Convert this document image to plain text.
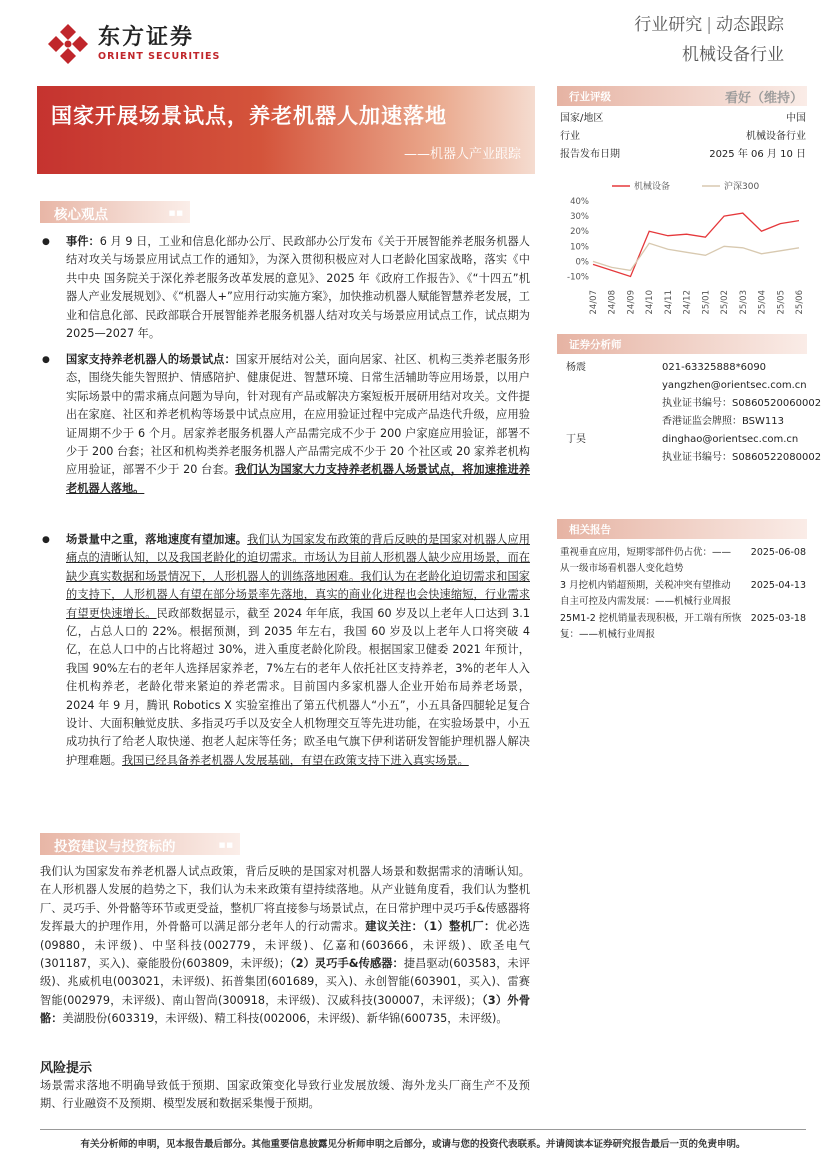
东方证券
ORIENT SECURITIES
行业研究 | 动态跟踪
机械设备行业
国家开展场景试点，养老机器人加速落地
——机器人产业跟踪
核心观点	■■
● 事件：6 月 9 日，工业和信息化部办公厅、民政部办公厅发布《关于开展智能养老服务机器人结对攻关与场景应用试点工作的通知》，为深入贯彻积极应对人口老龄化国家战略，落实《中共中央 国务院关于深化养老服务改革发展的意见》、2025 年《政府工作报告》、《“十四五”机器人产业发展规划》、《“机器人+”应用行动实施方案》，加快推动机器人赋能智慧养老发展，工业和信息化部、民政部联合开展智能养老服务机器人结对攻关与场景应用试点工作，试点期为 2025—2027 年。
● 国家支持养老机器人的场景试点：国家开展结对公关，面向居家、社区、机构三类养老服务形态，围绕失能失智照护、情感陪护、健康促进、智慧环境、日常生活辅助等应用场景，以用户实际场景中的需求痛点问题为导向，针对现有产品或解决方案短板开展研用结对攻关。文件提出在家庭、社区和养老机构等场景中试点应用，在应用验证过程中完成产品迭代升级，应用验证周期不少于 6 个月。居家养老服务机器人产品需完成不少于 200 户家庭应用验证，部署不少于 200 台套；社区和机构类养老服务机器人产品需完成不少于 20 个社区或 20 家养老机构应用验证，部署不少于 20 台套。我们认为国家大力支持养老机器人场景试点，将加速推进养老机器人落地。
● 场景量中之重，落地速度有望加速。我们认为国家发布政策的背后反映的是国家对机器人应用痛点的清晰认知，以及我国老龄化的迫切需求。市场认为目前人形机器人缺少应用场景，而在缺少真实数据和场景情况下，人形机器人的训练落地困难。我们认为在老龄化迫切需求和国家的支持下，人形机器人有望在部分场景率先落地，真实的商业化进程也会快速缩短，行业需求有望更快速增长。民政部数据显示，截至 2024 年年底，我国 60 岁及以上老年人口达到 3.1 亿，占总人口的 22%。根据预测，到 2035 年左右，我国 60 岁及以上老年人口将突破 4 亿，在总人口中的占比将超过 30%，进入重度老龄化阶段。根据国家卫健委 2021 年预计，我国 90%左右的老年人选择居家养老，7%左右的老年人依托社区支持养老，3%的老年人入住机构养老，老龄化带来紧迫的养老需求。目前国内多家机器人企业开始布局养老场景，2024 年 9 月，腾讯 Robotics X 实验室推出了第五代机器人“小五”，小五具备四腿轮足复合设计、大面积触觉皮肤、多指灵巧手以及安全人机物理交互等先进功能，在实验场景中，小五成功执行了给老人取快递、抱老人起床等任务；欧圣电气旗下伊利诺研发智能护理机器人解决护理难题。我国已经具备养老机器人发展基础，有望在政策支持下进入真实场景。
投资建议与投资标的	■■
我们认为国家发布养老机器人试点政策，背后反映的是国家对机器人场景和数据需求的清晰认知。在人形机器人发展的趋势之下，我们认为未来政策有望持续落地。从产业链角度看，我们认为整机厂、灵巧手、外骨骼等环节或更受益，整机厂将直接参与场景试点，在日常护理中灵巧手&传感器将发挥最大的护理作用，外骨骼可以满足部分老年人的行动需求。建议关注：（1）整机厂：优必选(09880，未评级)、中坚科技(002779，未评级)、亿嘉和(603666，未评级)、欧圣电气(301187，买入)、豪能股份(603809，未评级)；（2）灵巧手&传感器：捷昌驱动(603583，未评级)、兆威机电(003021，未评级)、拓普集团(601689，买入)、永创智能(603901，买入)、雷赛智能(002979，未评级)、南山智尚(300918，未评级)、汉威科技(300007，未评级)；（3）外骨骼：美湖股份(603319，未评级)、精工科技(002006，未评级)、新华锦(600735，未评级)。
风险提示
场景需求落地不明确导致低于预期、国家政策变化导致行业发展放缓、海外龙头厂商生产不及预期、行业融资不及预期、模型发展和数据采集慢于预期。
行业评级	看好（维持）
国家/地区	中国
行业	机械设备行业
报告发布日期	2025 年 06 月 10 日
机械设备	沪深300
40%
30%
20%
10%
0%
-10%
24/07 24/08 24/09 24/10 24/11 24/12 25/01 25/02 25/03 25/04 25/05 25/06
证券分析师
杨震	021-63325888*6090
yangzhen@orientsec.com.cn
执业证书编号：S0860520060002
香港证监会牌照：BSW113
丁昊	dinghao@orientsec.com.cn
执业证书编号：S0860522080002
相关报告
重视垂直应用，短期零部件仍占优：——
从一级市场看机器人变化趋势
2025-06-08
3 月挖机内销超预期，关税冲突有望推动
自主可控及内需发展：——机械行业周报
2025-04-13
25M1-2 挖机销量表现积极，开工端有所恢
复：——机械行业周报
2025-03-18
有关分析师的申明，见本报告最后部分。其他重要信息披露见分析师申明之后部分，或请与您的投资代表联系。并请阅读本证券研究报告最后一页的免责申明。
